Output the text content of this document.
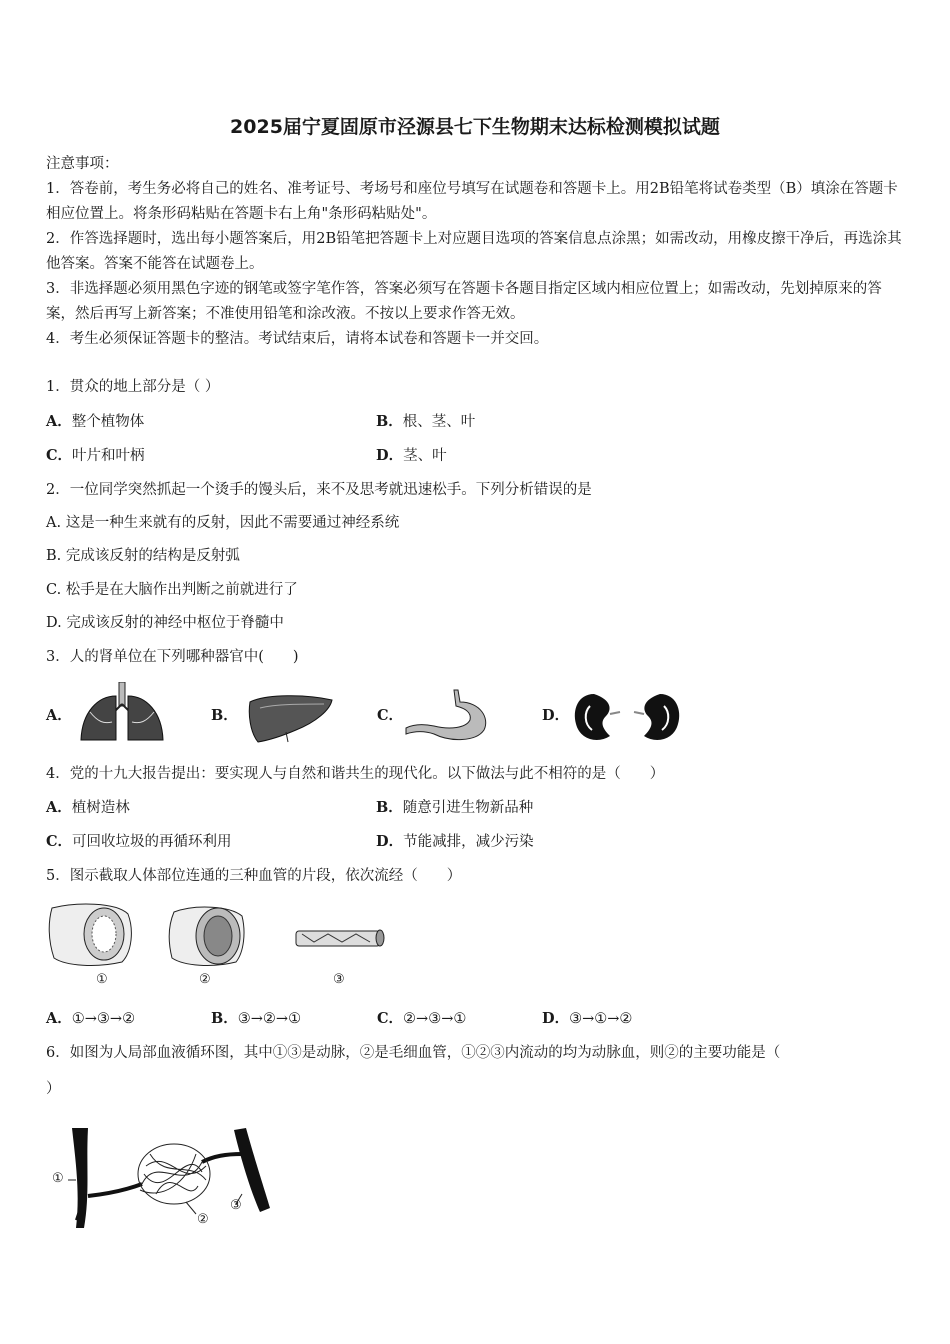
2025届宁夏固原市泾源县七下生物期末达标检测模拟试题
注意事项：
1．答卷前，考生务必将自己的姓名、准考证号、考场号和座位号填写在试题卷和答题卡上。用2B铅笔将试卷类型（B）填涂在答题卡相应位置上。将条形码粘贴在答题卡右上角"条形码粘贴处"。
2．作答选择题时，选出每小题答案后，用2B铅笔把答题卡上对应题目选项的答案信息点涂黑；如需改动，用橡皮擦干净后，再选涂其他答案。答案不能答在试题卷上。
3．非选择题必须用黑色字迹的钢笔或签字笔作答，答案必须写在答题卡各题目指定区域内相应位置上；如需改动，先划掉原来的答案，然后再写上新答案；不准使用铅笔和涂改液。不按以上要求作答无效。
4．考生必须保证答题卡的整洁。考试结束后，请将本试卷和答题卡一并交回。
1．贯众的地上部分是（ ）
A．整个植物体	B．根、茎、叶
C．叶片和叶柄	D．茎、叶
2．一位同学突然抓起一个烫手的馒头后，来不及思考就迅速松手。下列分析错误的是
A. 这是一种生来就有的反射，因此不需要通过神经系统
B. 完成该反射的结构是反射弧
C. 松手是在大脑作出判断之前就进行了
D. 完成该反射的神经中枢位于脊髓中
3．人的肾单位在下列哪种器官中(　　)
A．	B．	C．	D．
4．党的十九大报告提出：要实现人与自然和谐共生的现代化。以下做法与此不相符的是（　　）
A．植树造林	B．随意引进生物新品种
C．可回收垃圾的再循环利用	D．节能减排，减少污染
5．图示截取人体部位连通的三种血管的片段，依次流经（　　）
①	②	③
A．①→③→②	B．③→②→①	C．②→③→①	D．③→①→②
6．如图为人局部血液循环图，其中①③是动脉，②是毛细血管，①②③内流动的均为动脉血，则②的主要功能是（
）
①
②
③
